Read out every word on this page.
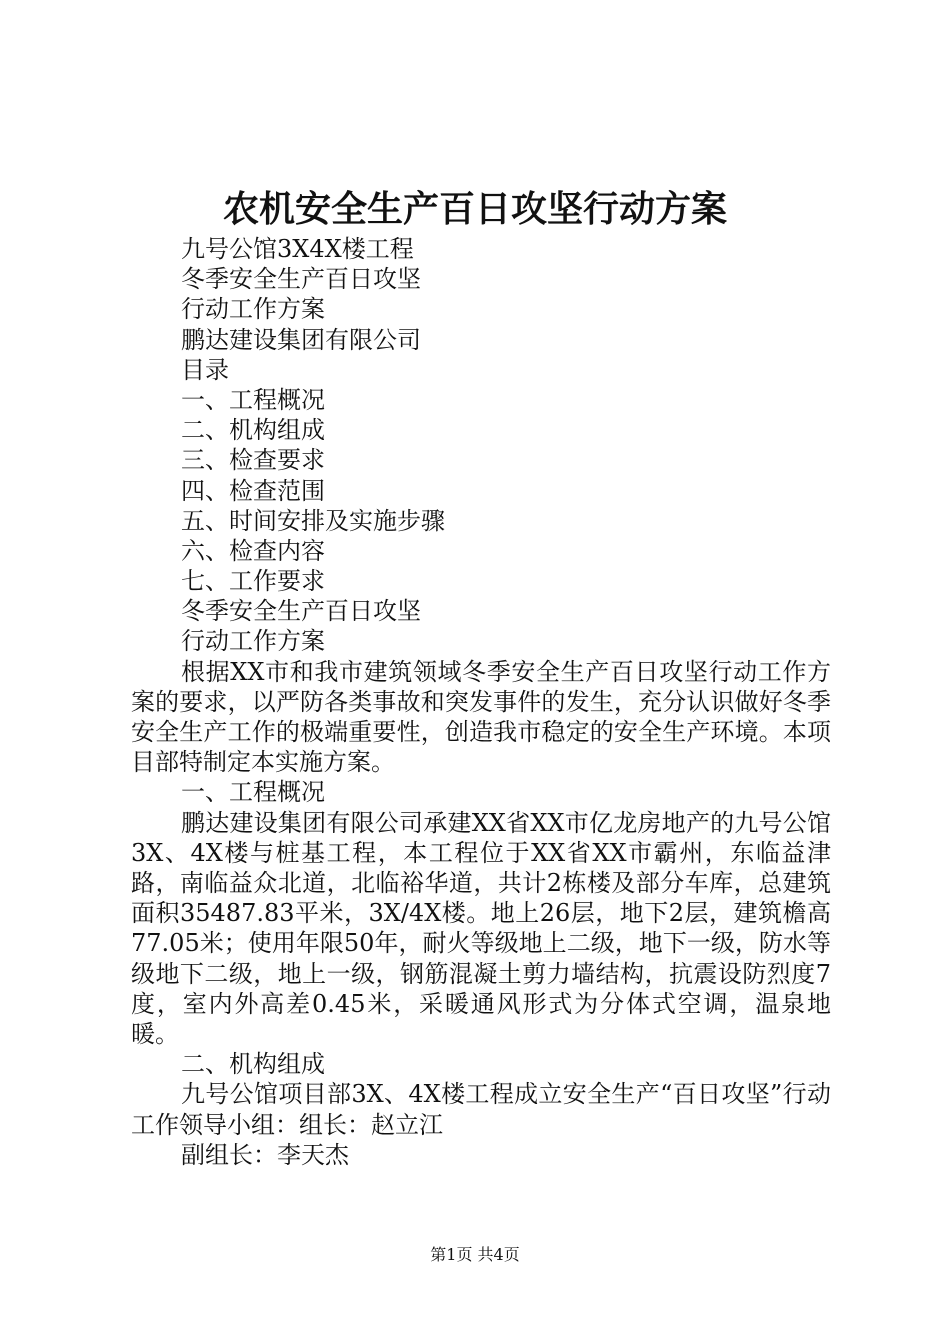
农机安全生产百日攻坚行动方案
九号公馆3X4X楼工程
冬季安全生产百日攻坚
行动工作方案
鹏达建设集团有限公司
目录
一、工程概况
二、机构组成
三、检查要求
四、检查范围
五、时间安排及实施步骤
六、检查内容
七、工作要求
冬季安全生产百日攻坚
行动工作方案
根据XX市和我市建筑领域冬季安全生产百日攻坚行动工作方案的要求，以严防各类事故和突发事件的发生，充分认识做好冬季安全生产工作的极端重要性，创造我市稳定的安全生产环境。本项目部特制定本实施方案。
一、工程概况
鹏达建设集团有限公司承建XX省XX市亿龙房地产的九号公馆3X、4X楼与桩基工程，本工程位于XX省XX市霸州，东临益津路，南临益众北道，北临裕华道，共计2栋楼及部分车库，总建筑面积35487.83平米，3X/4X楼。地上26层，地下2层，建筑檐高77.05米；使用年限50年，耐火等级地上二级，地下一级，防水等级地下二级，地上一级，钢筋混凝土剪力墙结构，抗震设防烈度7度，室内外高差0.45米，采暖通风形式为分体式空调，温泉地暖。
二、机构组成
九号公馆项目部3X、4X楼工程成立安全生产“百日攻坚”行动工作领导小组：组长：赵立江
副组长：李天杰
第1页 共4页
